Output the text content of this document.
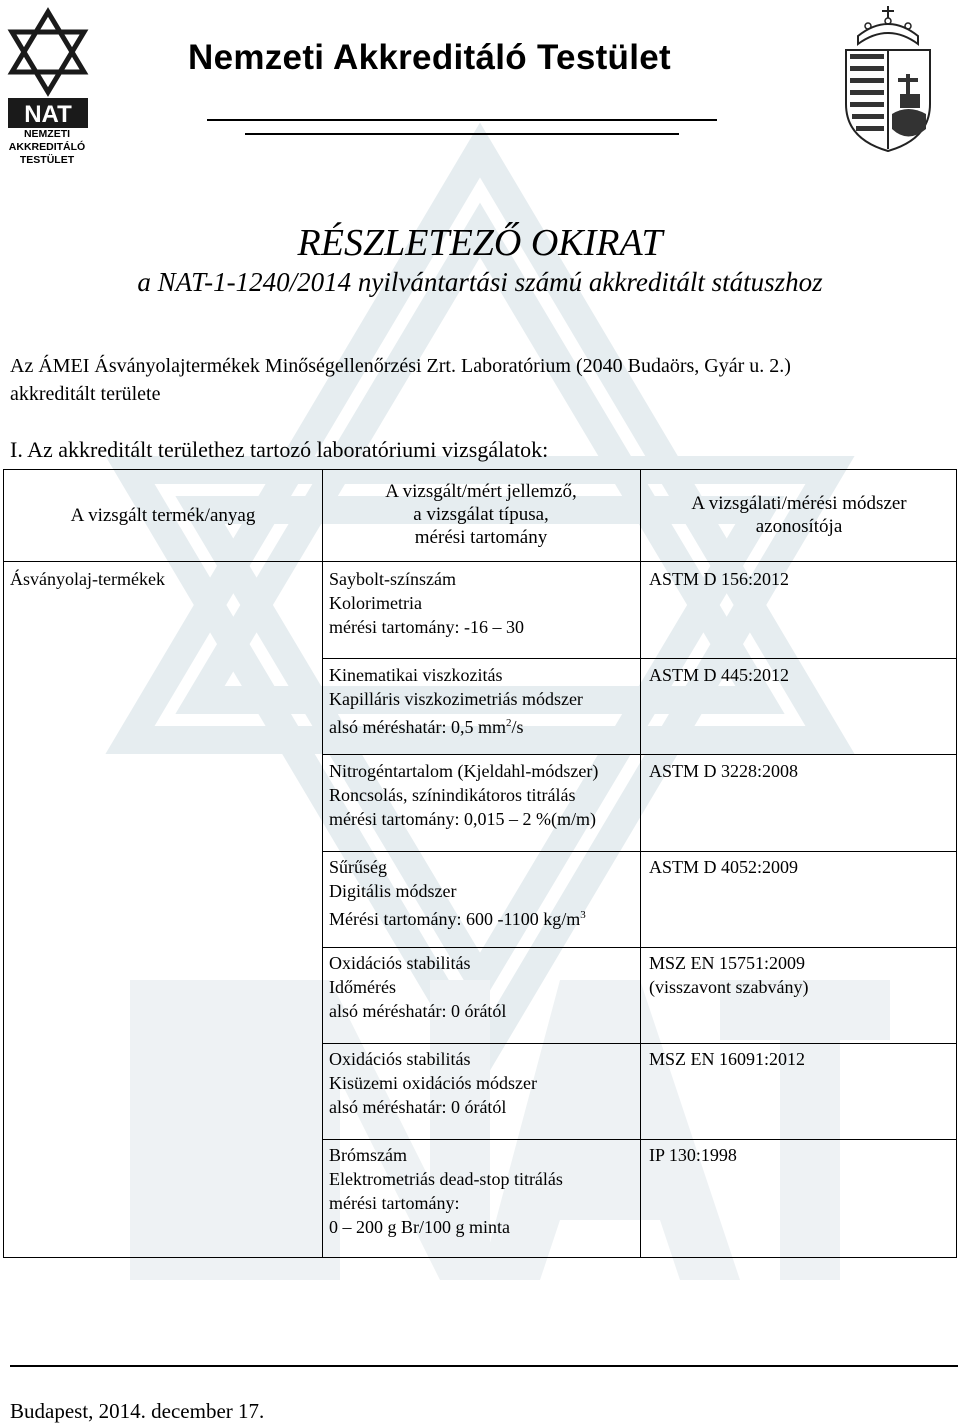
NAT
NEMZETI
AKKREDITÁLÓ
TESTÜLET
Nemzeti Akkreditáló Testület
RÉSZLETEZŐ OKIRAT
a NAT-1-1240/2014 nyilvántartási számú akkreditált státuszhoz
Az ÁMEI Ásványolajtermékek Minőségellenőrzési Zrt. Laboratórium (2040 Budaörs, Gyár u. 2.)
akkreditált területe
I. Az akkreditált területhez tartozó laboratóriumi vizsgálatok:
A vizsgált termék/anyag
A vizsgált/mért jellemző,
a vizsgálat típusa,
mérési tartomány
A vizsgálati/mérési módszer
azonosítója
Ásványolaj-termékek	Saybolt-színszám
Kolorimetria
mérési tartomány: -16 – 30
ASTM D 156:2012
Kinematikai viszkozitás
Kapilláris viszkozimetriás módszer
alsó méréshatár: 0,5 $mm^2/s$
ASTM D 445:2012
Nitrogéntartalom (Kjeldahl-módszer)
Roncsolás, színindikátoros titrálás
mérési tartomány: 0,015 – 2 %(m/m)
ASTM D 3228:2008
Sűrűség
Digitális módszer
Mérési tartomány: 600 -1100 $kg/m^3$
ASTM D 4052:2009
Oxidációs stabilitás
Időmérés
alsó méréshatár: 0 órától
MSZ EN 15751:2009
(visszavont szabvány)
Oxidációs stabilitás
Kisüzemi oxidációs módszer
alsó méréshatár: 0 órától
MSZ EN 16091:2012
Brómszám
Elektrometriás dead-stop titrálás
mérési tartomány:
0 – 200 g Br/100 g minta
IP 130:1998
Budapest, 2014. december 17.
